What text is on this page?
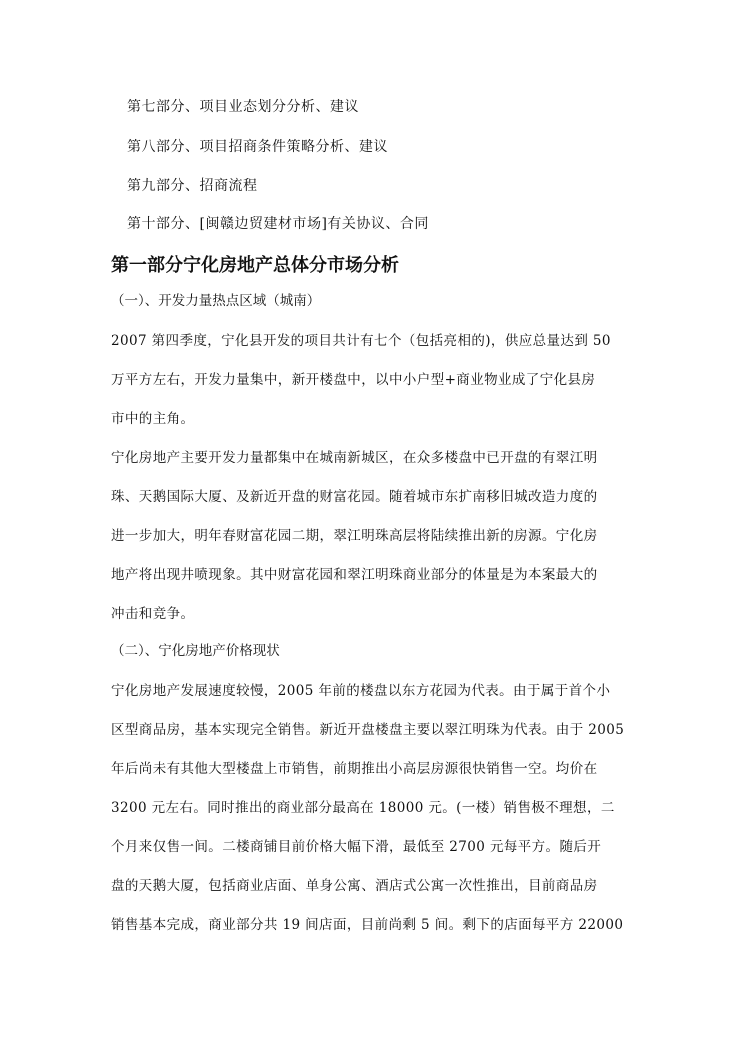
第七部分、项目业态划分分析、建议
第八部分、项目招商条件策略分析、建议
第九部分、招商流程
第十部分、[闽赣边贸建材市场]有关协议、合同
第一部分宁化房地产总体分市场分析
（一）、开发力量热点区域（城南）
2007 第四季度，宁化县开发的项目共计有七个（包括亮相的)，供应总量达到 50
万平方左右，开发力量集中，新开楼盘中，以中小户型+商业物业成了宁化县房
市中的主角。
宁化房地产主要开发力量都集中在城南新城区，在众多楼盘中已开盘的有翠江明
珠、天鹅国际大厦、及新近开盘的财富花园。随着城市东扩南移旧城改造力度的
进一步加大，明年春财富花园二期，翠江明珠高层将陆续推出新的房源。宁化房
地产将出现井喷现象。其中财富花园和翠江明珠商业部分的体量是为本案最大的
冲击和竞争。
（二）、宁化房地产价格现状
宁化房地产发展速度较慢，2005 年前的楼盘以东方花园为代表。由于属于首个小
区型商品房，基本实现完全销售。新近开盘楼盘主要以翠江明珠为代表。由于 2005
年后尚未有其他大型楼盘上市销售，前期推出小高层房源很快销售一空。均价在
3200 元左右。同时推出的商业部分最高在 18000 元。(一楼）销售极不理想，二
个月来仅售一间。二楼商铺目前价格大幅下滑，最低至 2700 元每平方。随后开
盘的天鹅大厦，包括商业店面、单身公寓、酒店式公寓一次性推出，目前商品房
销售基本完成，商业部分共 19 间店面，目前尚剩 5 间。剩下的店面每平方 22000
